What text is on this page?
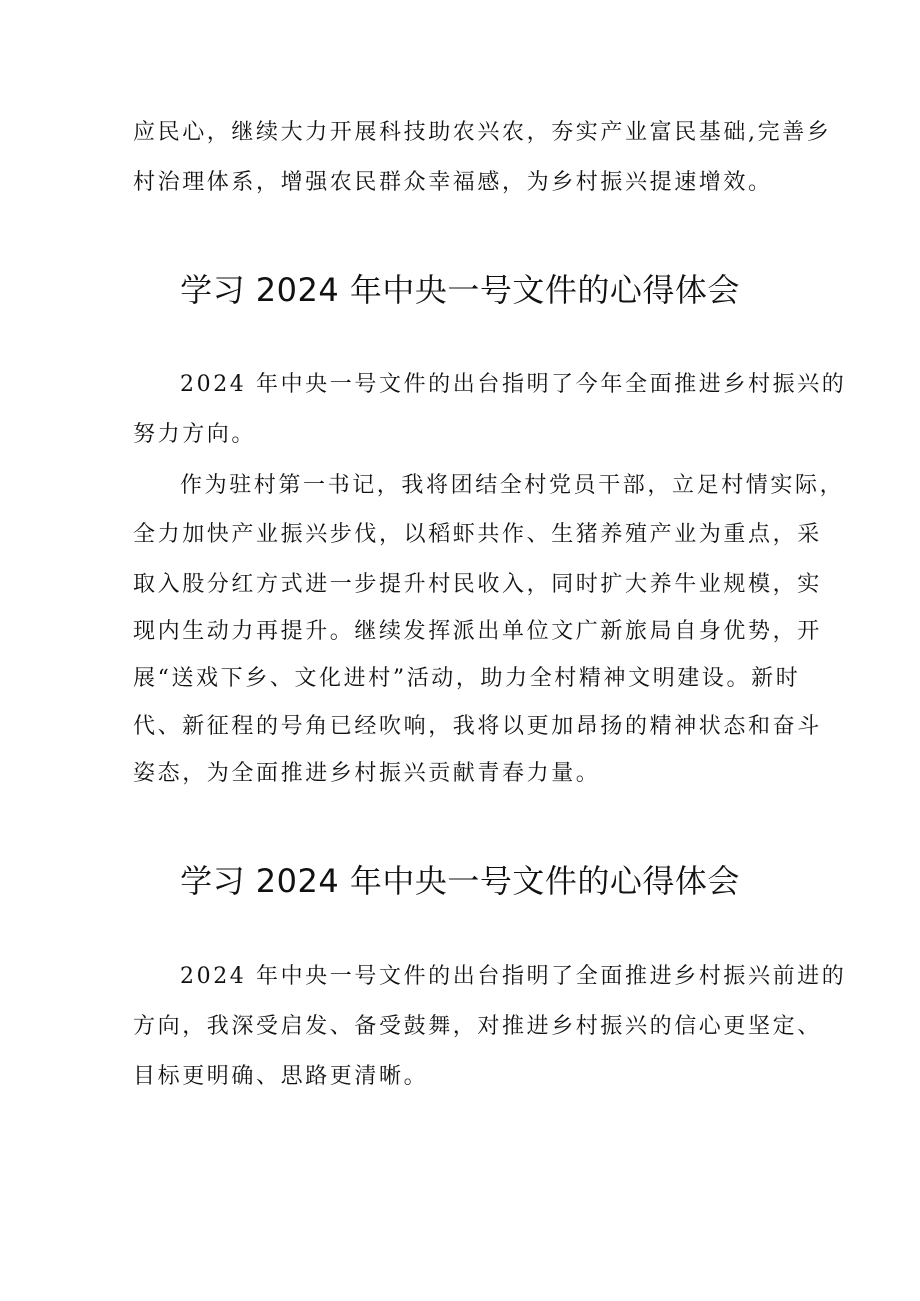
应民心，继续大力开展科技助农兴农，夯实产业富民基础,完善乡
村治理体系，增强农民群众幸福感，为乡村振兴提速增效。
学习 2024 年中央一号文件的心得体会
2024 年中央一号文件的出台指明了今年全面推进乡村振兴的
努力方向。
作为驻村第一书记，我将团结全村党员干部，立足村情实际，
全力加快产业振兴步伐，以稻虾共作、生猪养殖产业为重点，采
取入股分红方式进一步提升村民收入，同时扩大养牛业规模，实
现内生动力再提升。继续发挥派出单位文广新旅局自身优势，开
展“送戏下乡、文化进村”活动，助力全村精神文明建设。新时
代、新征程的号角已经吹响，我将以更加昂扬的精神状态和奋斗
姿态，为全面推进乡村振兴贡献青春力量。
学习 2024 年中央一号文件的心得体会
2024 年中央一号文件的出台指明了全面推进乡村振兴前进的
方向，我深受启发、备受鼓舞，对推进乡村振兴的信心更坚定、
目标更明确、思路更清晰。
